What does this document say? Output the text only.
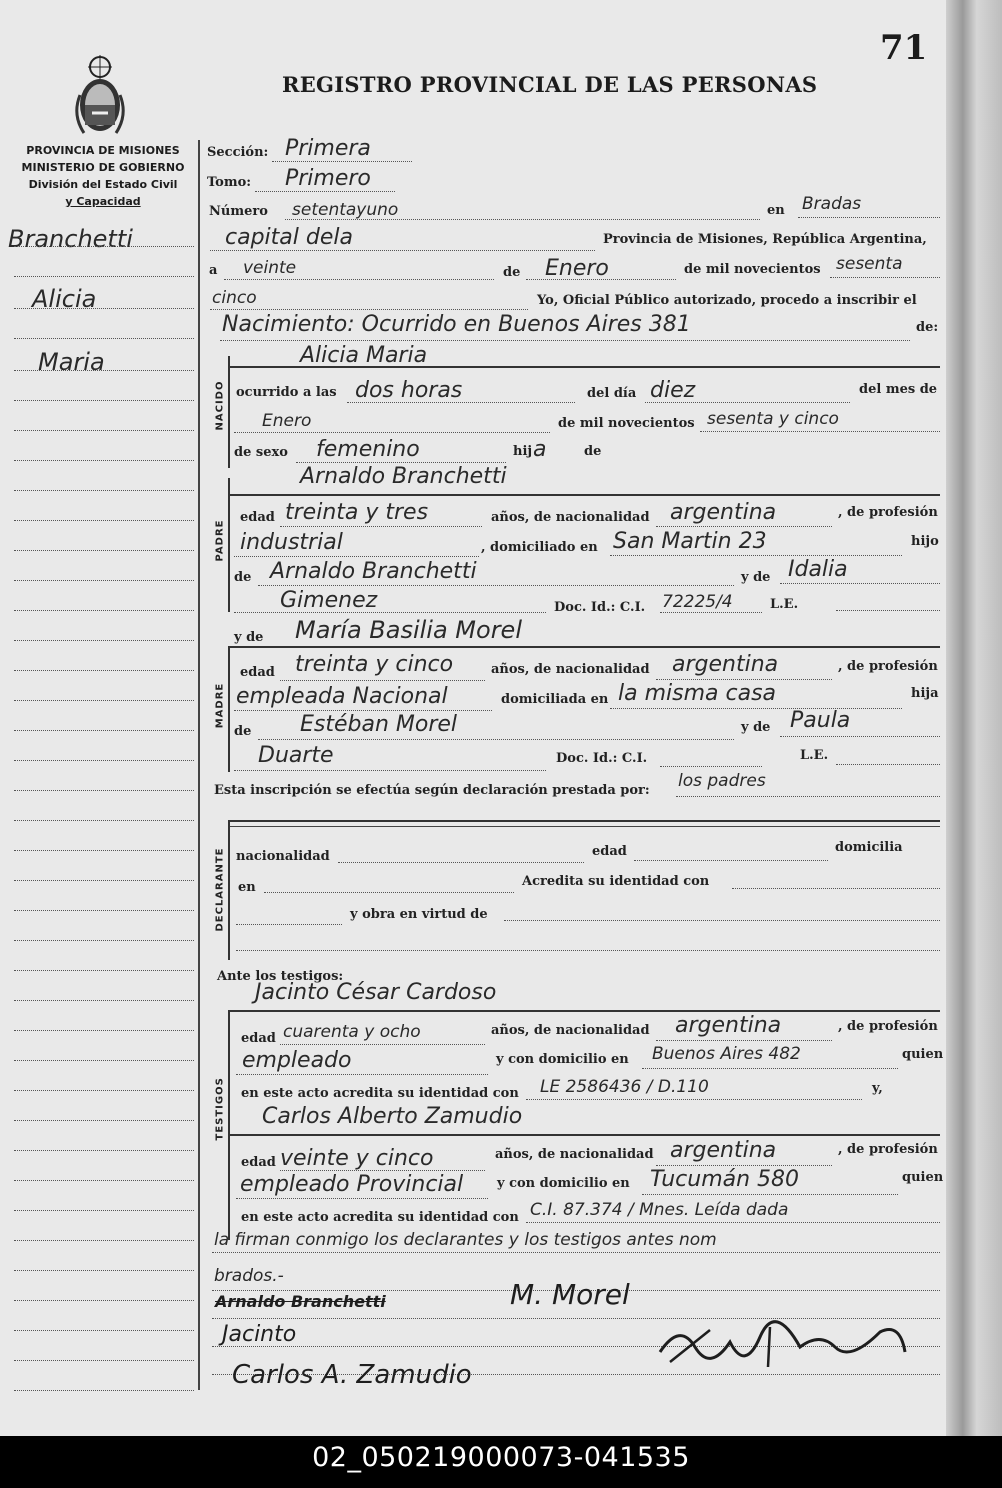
71
REGISTRO PROVINCIAL DE LAS PERSONAS
PROVINCIA DE MISIONES
MINISTERIO DE GOBIERNO
División del Estado Civil
y Capacidad
Branchetti
Alicia
Maria
Sección: Primera
Tomo: Primero
Número setentayuno	en Bradas
capital dela	Provincia de Misiones, República Argentina,
a veinte	de Enero	de mil novecientos sesenta
cinco	Yo, Oficial Público autorizado, procedo a inscribir el
Nacimiento: Ocurrido en Buenos Aires 381	de:
NACIDO
Alicia Maria
ocurrido a las dos horas	del día diez	del mes de
Enero	de mil novecientos sesenta y cinco
de sexo femenino	hij a	de
PADRE
Arnaldo Branchetti
edad treinta y tres	años, de nacionalidad argentina	, de profesión
industrial	, domiciliado en San Martin 23	hijo
de Arnaldo Branchetti	y de Idalia
Gimenez	Doc. Id.: C.I. 72225/4	L.E.
y de María Basilia Morel
MADRE
edad treinta y cinco	años, de nacionalidad argentina	, de profesión
empleada Nacional	domiciliada en la misma casa	hija
de Estéban Morel	y de Paula
Duarte	Doc. Id.: C.I.	L.E.
Esta inscripción se efectúa según declaración prestada por: los padres
DECLARANTE nacionalidad	edad	domicilia
en	Acredita su identidad con
y obra en virtud de
Ante los testigos:
Jacinto César Cardoso
TESTIGOS
edad cuarenta y ocho	años, de nacionalidad argentina	, de profesión
empleado	y con domicilio en Buenos Aires 482	quien
en este acto acredita su identidad con LE 2586436 / D.110	y,
Carlos Alberto Zamudio
edad veinte y cinco	años, de nacionalidad argentina	, de profesión
empleado Provincial	y con domicilio en Tucumán 580	quien
en este acto acredita su identidad con C.I. 87.374 / Mnes. Leída dada
la firman conmigo los declarantes y los testigos antes nom
brados.-
Arnaldo Branchetti	M. Morel
Jacinto
Carlos A. Zamudio
02_050219000073-041535
